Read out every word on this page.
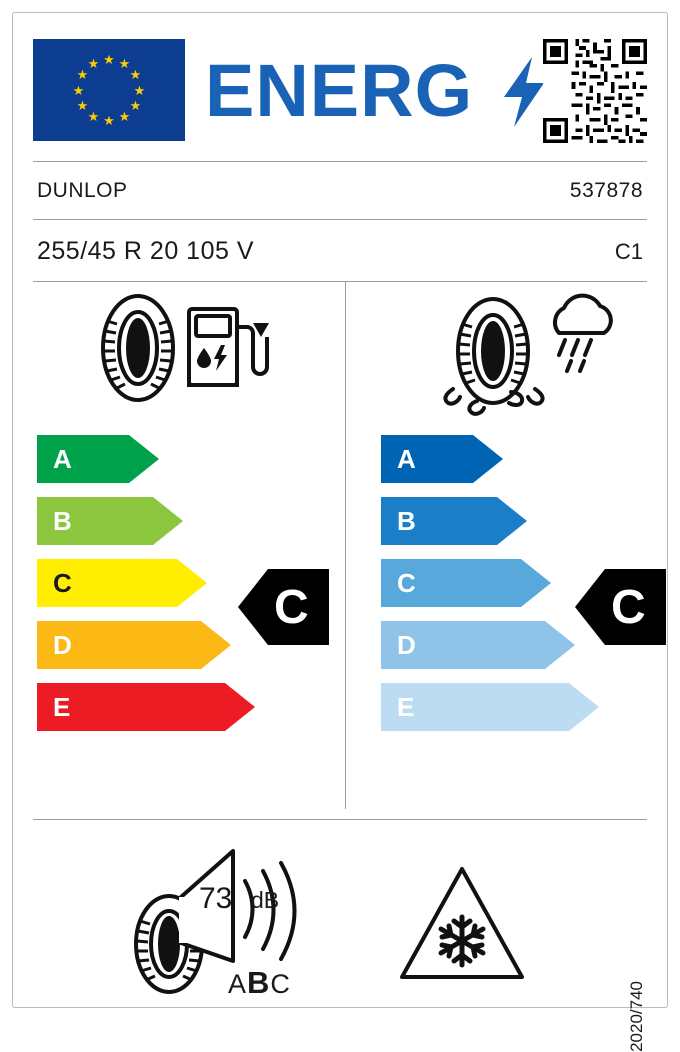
★ ★
★
★
★
★
★
★
★
★
★
★ ENERG
DUNLOP	537878
255/45 R 20 105 V	C1
A
B
C
D
E
C
A
B
C
D
E
C
73 dB
ABC	2020/740
